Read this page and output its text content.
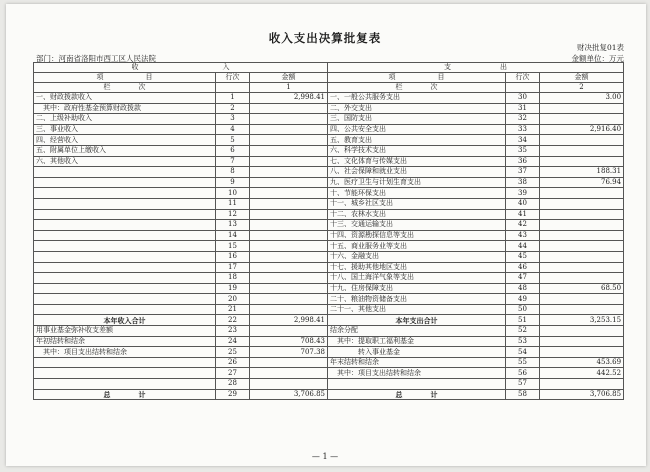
收入支出决算批复表
部门：河南省洛阳市西工区人民法院
财决批复01表
金额单位：万元
收　　　　　　　　　　　　入			支　　　　　　　出		
项　　　　　　目	行次	金额	项　　　　　　目	行次	金额
栏　　　　次		1	栏　　　　次		2
一、财政拨款收入	1	2,998.41	一、一般公共服务支出	30	3.00
　其中：政府性基金预算财政拨款	2		二、外交支出	31	
二、上级补助收入	3		三、国防支出	32	
三、事业收入	4		四、公共安全支出	33	2,916.40
四、经营收入	5		五、教育支出	34	
五、附属单位上缴收入	6		六、科学技术支出	35	
六、其他收入	7		七、文化体育与传媒支出	36	
	8		八、社会保障和就业支出	37	188.31
	9		九、医疗卫生与计划生育支出	38	76.94
	10		十、节能环保支出	39	
	11		十一、城乡社区支出	40	
	12		十二、农林水支出	41	
	13		十三、交通运输支出	42	
	14		十四、资源勘探信息等支出	43	
	15		十五、商业服务业等支出	44	
	16		十六、金融支出	45	
	17		十七、援助其他地区支出	46	
	18		十八、国土海洋气象等支出	47	
	19		十九、住房保障支出	48	68.50
	20		二十、粮油物资储备支出	49	
	21		二十一、其他支出	50	
本年收入合计	22	2,998.41	本年支出合计	51	3,253.15
用事业基金弥补收支差额	23		结余分配	52	
年初结转和结余	24	708.43	　其中：提取职工福利基金	53	
　其中：项目支出结转和结余	25	707.38	　　　　转入事业基金	54	
	26		年末结转和结余	55	453.69
	27		　其中：项目支出结转和结余	56	442.52
	28			57	
总　　　　计	29	3,706.85	总　　　　计	58	3,706.85
— 1 —
